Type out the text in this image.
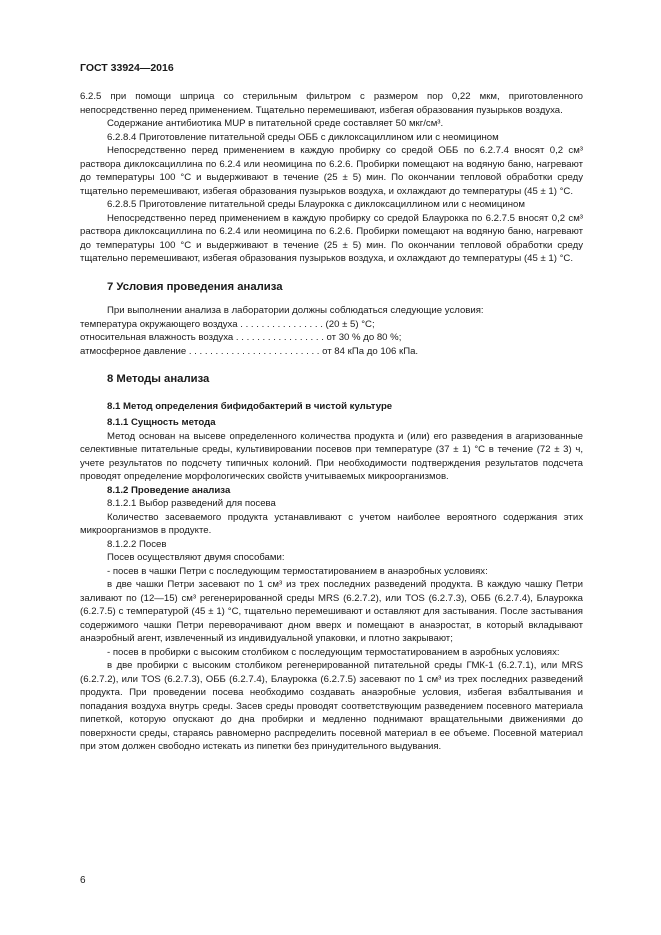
ГОСТ 33924—2016

6.2.5 при помощи шприца со стерильным фильтром с размером пор 0,22 мкм, приготовленного непосредственно перед применением. Тщательно перемешивают, избегая образования пузырьков воздуха.

Содержание антибиотика MUP в питательной среде составляет 50 мкг/см³.

6.2.8.4 Приготовление питательной среды ОББ с диклоксациллином или с неомицином

Непосредственно перед применением в каждую пробирку со средой ОББ по 6.2.7.4 вносят 0,2 см³ раствора диклоксациллина по 6.2.4 или неомицина по 6.2.6. Пробирки помещают на водяную баню, нагревают до температуры 100 °С и выдерживают в течение (25 ± 5) мин. По окончании тепловой обработки среду тщательно перемешивают, избегая образования пузырьков воздуха, и охлаждают до температуры (45 ± 1) °С.

6.2.8.5 Приготовление питательной среды Блаурокка с диклоксациллином или с неомицином

Непосредственно перед применением в каждую пробирку со средой Блаурокка по 6.2.7.5 вносят 0,2 см³ раствора диклоксациллина по 6.2.4 или неомицина по 6.2.6. Пробирки помещают на водяную баню, нагревают до температуры 100 °С и выдерживают в течение (25 ± 5) мин. По окончании тепловой обработки среду тщательно перемешивают, избегая образования пузырьков воздуха, и охлаждают до температуры (45 ± 1) °С.

7 Условия проведения анализа

При выполнении анализа в лаборатории должны соблюдаться следующие условия:

температура окружающего воздуха . . . . . . . . . . . . . . . . (20 ± 5) °С;

относительная влажность воздуха . . . . . . . . . . . . . . . . . от 30 % до 80 %;

атмосферное давление . . . . . . . . . . . . . . . . . . . . . . . . . от 84 кПа до 106 кПа.

8 Методы анализа
8.1 Метод определения бифидобактерий в чистой культуре

8.1.1 Сущность метода

Метод основан на высеве определенного количества продукта и (или) его разведения в агаризованные селективные питательные среды, культивировании посевов при температуре (37 ± 1) °С в течение (72 ± 3) ч, учете результатов по подсчету типичных колоний. При необходимости подтверждения результатов подсчета проводят определение морфологических свойств учитываемых микроорганизмов.

8.1.2 Проведение анализа

8.1.2.1 Выбор разведений для посева

Количество засеваемого продукта устанавливают с учетом наиболее вероятного содержания этих микроорганизмов в продукте.

8.1.2.2 Посев

Посев осуществляют двумя способами:

- посев в чашки Петри с последующим термостатированием в анаэробных условиях:

в две чашки Петри засевают по 1 см³ из трех последних разведений продукта. В каждую чашку Петри заливают по (12—15) см³ регенерированной среды MRS (6.2.7.2), или TOS (6.2.7.3), ОББ (6.2.7.4), Блаурокка (6.2.7.5) с температурой (45 ± 1) °С, тщательно перемешивают и оставляют для застывания. После застывания содержимого чашки Петри переворачивают дном вверх и помещают в анаэростат, в который вкладывают анаэробный агент, извлеченный из индивидуальной упаковки, и плотно закрывают;

- посев в пробирки с высоким столбиком с последующим термостатированием в аэробных условиях:

в две пробирки с высоким столбиком регенерированной питательной среды ГМК-1 (6.2.7.1), или MRS (6.2.7.2), или TOS (6.2.7.3), ОББ (6.2.7.4), Блаурокка (6.2.7.5) засевают по 1 см³ из трех последних разведений продукта. При проведении посева необходимо создавать анаэробные условия, избегая взбалтывания и попадания воздуха внутрь среды. Засев среды проводят соответствующим разведением посевного материала пипеткой, которую опускают до дна пробирки и медленно поднимают вращательными движениями до поверхности среды, стараясь равномерно распределить посевной материал в ее объеме. Посевной материал при этом должен свободно истекать из пипетки без принудительного выдувания.

6
